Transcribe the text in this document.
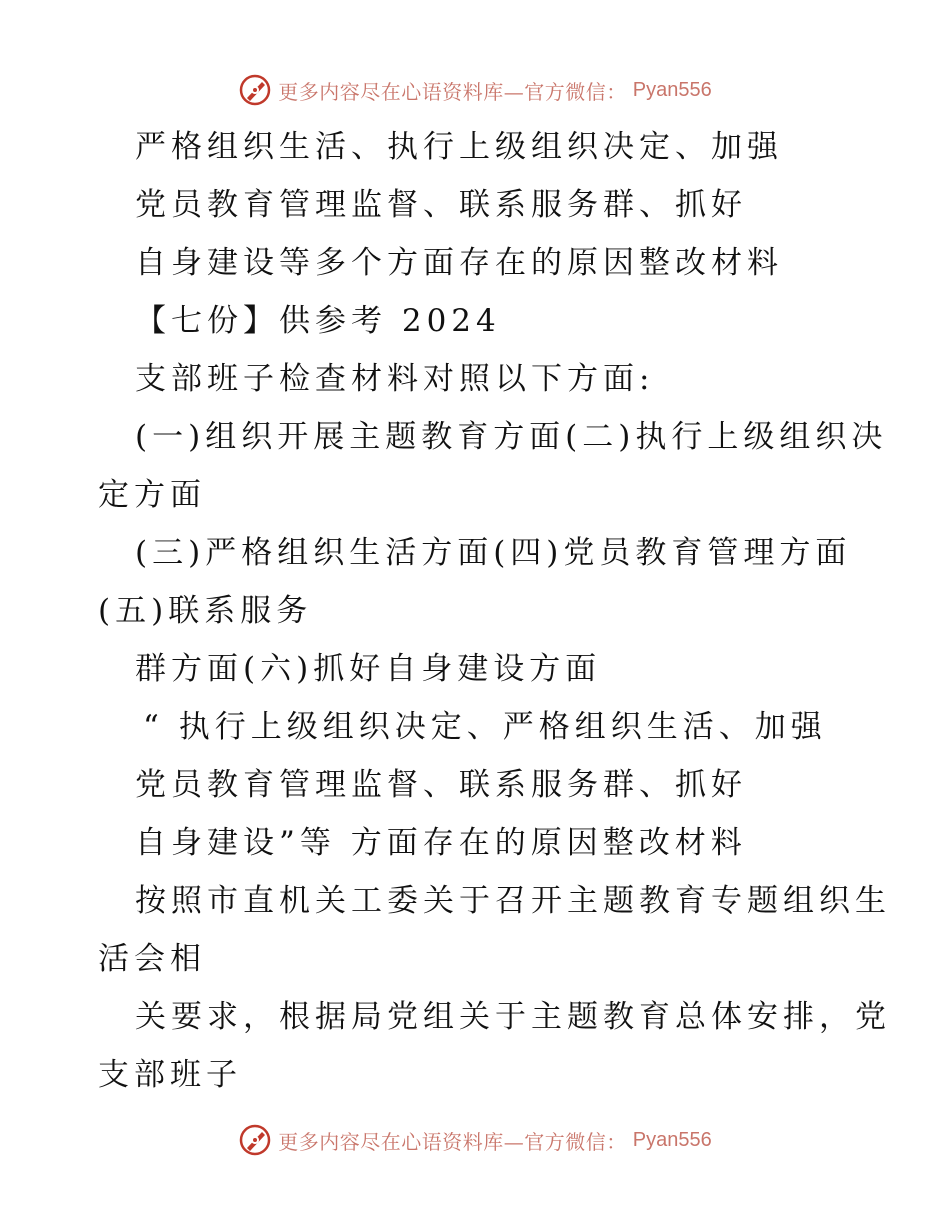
更多内容尽在心语资料库—官方微信： Pyan556
严格组织生活、执行上级组织决定、加强
党员教育管理监督、联系服务群、抓好
自身建设等多个方面存在的原因整改材料
【七份】供参考 2024
支部班子检查材料对照以下方面:
(一)组织开展主题教育方面(二)执行上级组织决
定方面
(三)严格组织生活方面(四)党员教育管理方面
(五)联系服务
群方面(六)抓好自身建设方面
“ 执行上级组织决定、严格组织生活、加强
党员教育管理监督、联系服务群、抓好
自身建设”等 方面存在的原因整改材料
按照市直机关工委关于召开主题教育专题组织生
活会相
关要求，根据局党组关于主题教育总体安排，党
支部班子
更多内容尽在心语资料库—官方微信： Pyan556
